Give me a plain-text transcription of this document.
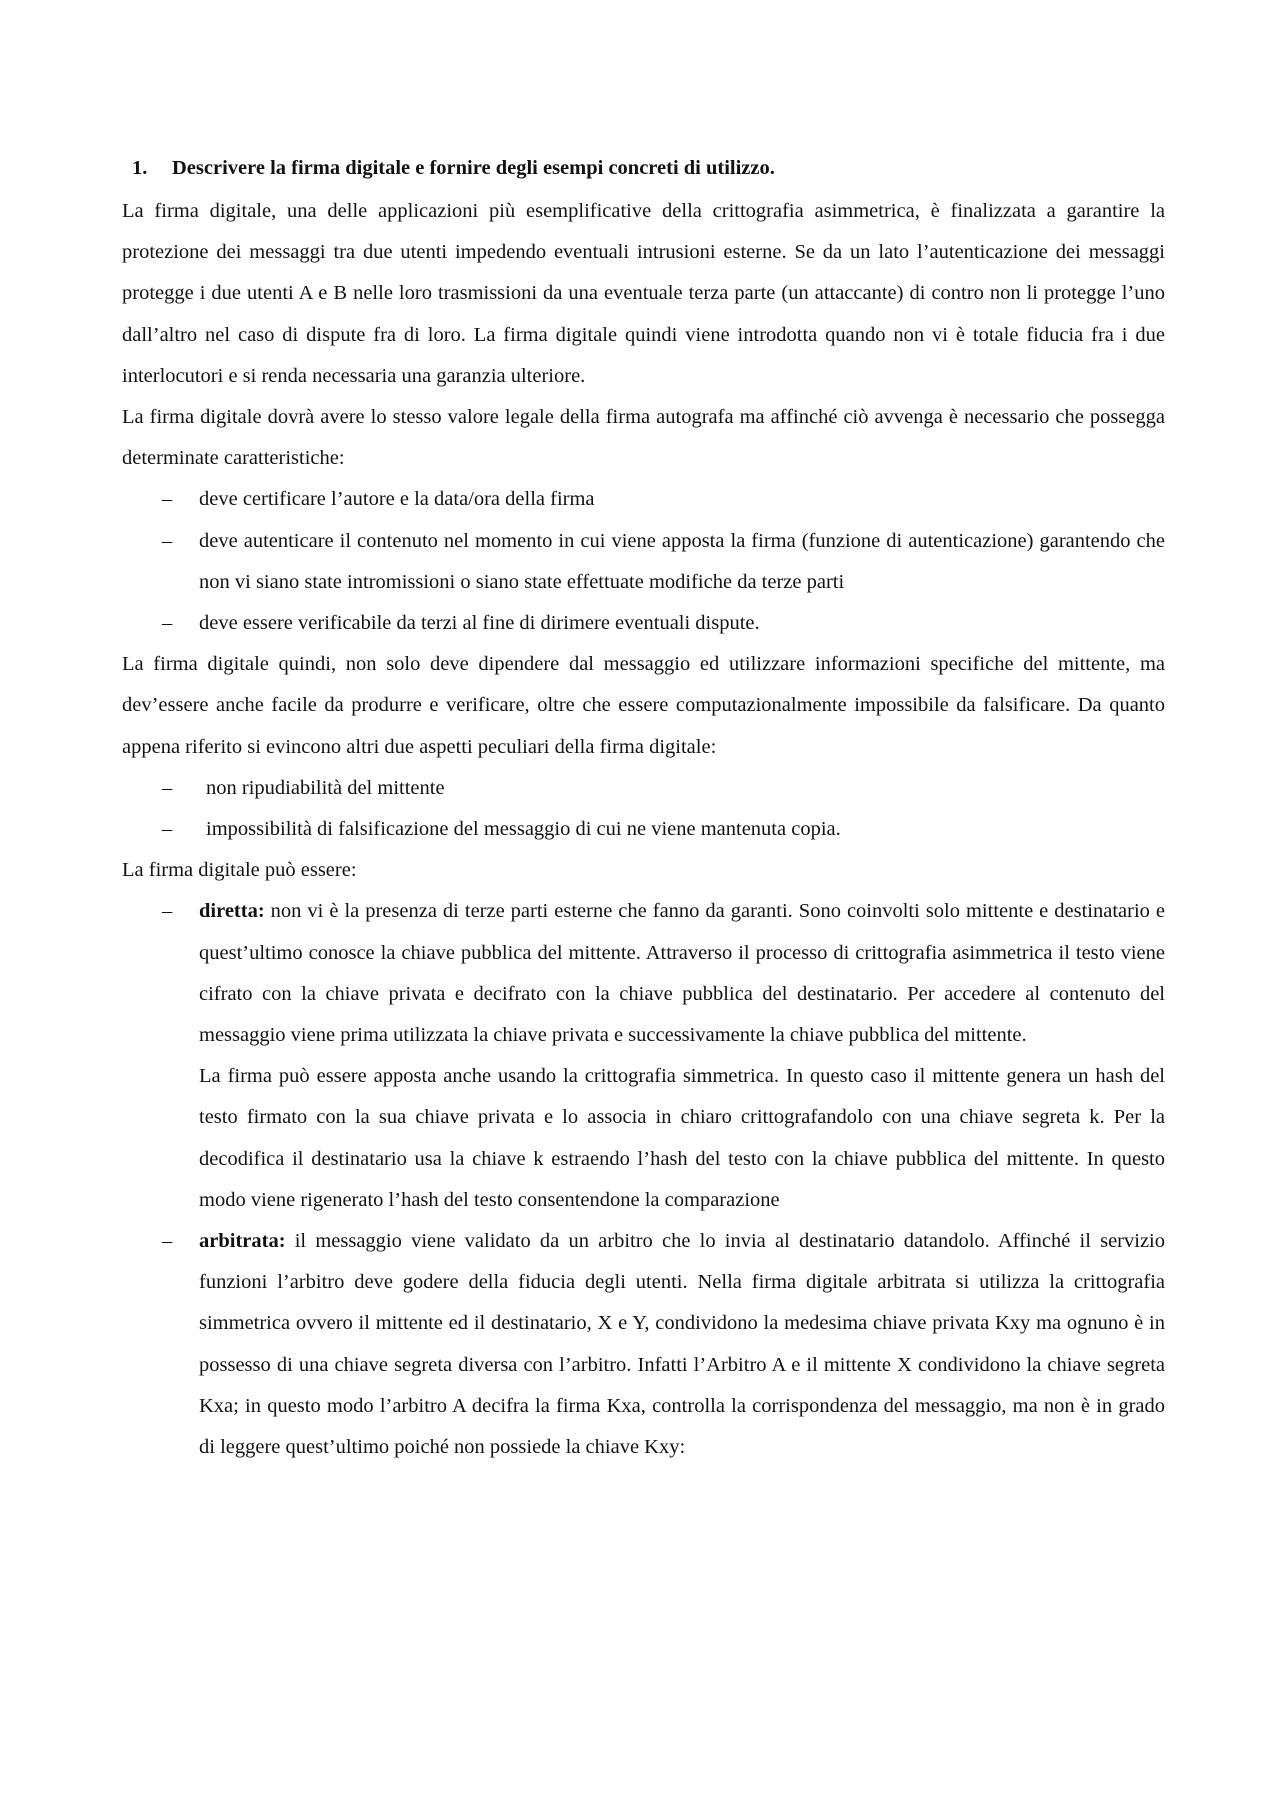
1. Descrivere la firma digitale e fornire degli esempi concreti di utilizzo.

La firma digitale, una delle applicazioni più esemplificative della crittografia asimmetrica, è finalizzata a garantire la protezione dei messaggi tra due utenti impedendo eventuali intrusioni esterne. Se da un lato l’autenticazione dei messaggi protegge i due utenti A e B nelle loro trasmissioni da una eventuale terza parte (un attaccante) di contro non li protegge l’uno dall’altro nel caso di dispute fra di loro. La firma digitale quindi viene introdotta quando non vi è totale fiducia fra i due interlocutori e si renda necessaria una garanzia ulteriore.

La firma digitale dovrà avere lo stesso valore legale della firma autografa ma affinché ciò avvenga è necessario che possegga determinate caratteristiche:

– deve certificare l’autore e la data/ora della firma
– deve autenticare il contenuto nel momento in cui viene apposta la firma (funzione di autenticazione) garantendo che non vi siano state intromissioni o siano state effettuate modifiche da terze parti
– deve essere verificabile da terzi al fine di dirimere eventuali dispute.

La firma digitale quindi, non solo deve dipendere dal messaggio ed utilizzare informazioni specifiche del mittente, ma dev’essere anche facile da produrre e verificare, oltre che essere computazionalmente impossibile da falsificare. Da quanto appena riferito si evincono altri due aspetti peculiari della firma digitale:

– non ripudiabilità del mittente
– impossibilità di falsificazione del messaggio di cui ne viene mantenuta copia.

La firma digitale può essere:

– diretta: non vi è la presenza di terze parti esterne che fanno da garanti. Sono coinvolti solo mittente e destinatario e quest’ultimo conosce la chiave pubblica del mittente. Attraverso il processo di crittografia asimmetrica il testo viene cifrato con la chiave privata e decifrato con la chiave pubblica del destinatario. Per accedere al contenuto del messaggio viene prima utilizzata la chiave privata e successivamente la chiave pubblica del mittente.
La firma può essere apposta anche usando la crittografia simmetrica. In questo caso il mittente genera un hash del testo firmato con la sua chiave privata e lo associa in chiaro crittografandolo con una chiave segreta k. Per la decodifica il destinatario usa la chiave k estraendo l’hash del testo con la chiave pubblica del mittente. In questo modo viene rigenerato l’hash del testo consentendone la comparazione
– arbitrata: il messaggio viene validato da un arbitro che lo invia al destinatario datandolo. Affinché il servizio funzioni l’arbitro deve godere della fiducia degli utenti. Nella firma digitale arbitrata si utilizza la crittografia simmetrica ovvero il mittente ed il destinatario, X e Y, condividono la medesima chiave privata Kxy ma ognuno è in possesso di una chiave segreta diversa con l’arbitro. Infatti l’Arbitro A e il mittente X condividono la chiave segreta Kxa; in questo modo l’arbitro A decifra la firma Kxa, controlla la corrispondenza del messaggio, ma non è in grado di leggere quest’ultimo poiché non possiede la chiave Kxy:
